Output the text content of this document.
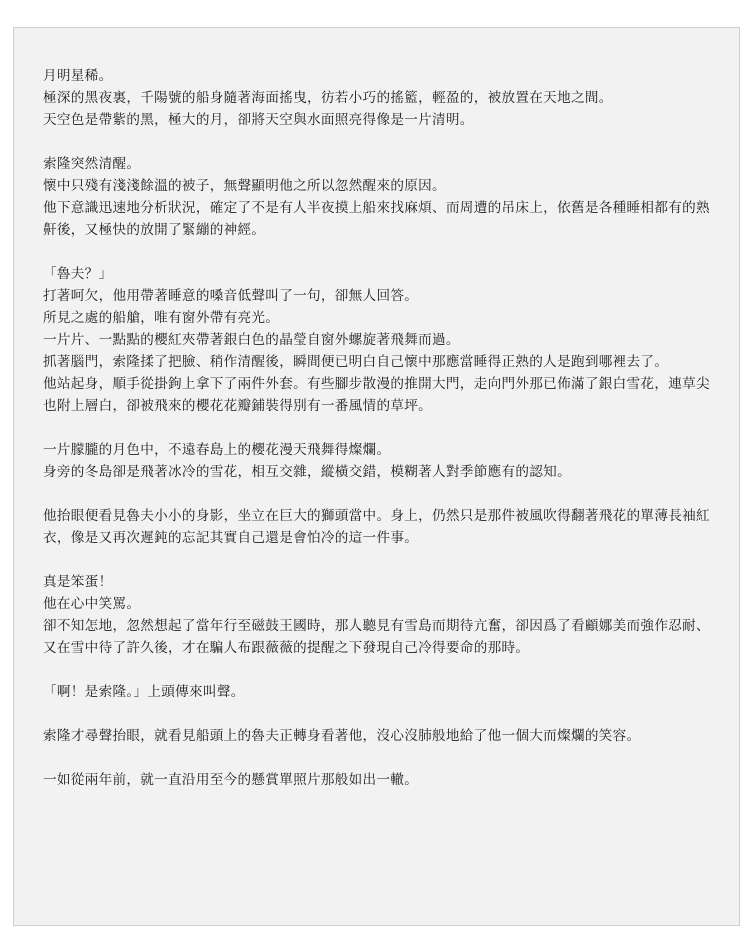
月明星稀。
極深的黑夜裏，千陽號的船身隨著海面搖曳，彷若小巧的搖籃，輕盈的，被放置在天地之間。
天空色是帶紫的黑，極大的月，卻將天空與水面照亮得像是一片清明。
索隆突然清醒。
懷中只殘有淺淺餘溫的被子，無聲顯明他之所以忽然醒來的原因。
他下意識迅速地分析狀況，確定了不是有人半夜摸上船來找麻煩、而周遭的吊床上，依舊是各種睡相都有的熟鼾後，又極快的放開了緊繃的神經。
「魯夫？」
打著呵欠，他用帶著睡意的嗓音低聲叫了一句，卻無人回答。
所見之處的船艙，唯有窗外帶有亮光。
一片片、一點點的櫻紅夾帶著銀白色的晶瑩自窗外螺旋著飛舞而過。
抓著腦門，索隆揉了把臉、稍作清醒後，瞬間便已明白自己懷中那應當睡得正熟的人是跑到哪裡去了。
他站起身，順手從掛鉤上拿下了兩件外套。有些腳步散漫的推開大門，走向門外那已佈滿了銀白雪花，連草尖也附上層白，卻被飛來的櫻花花瓣鋪裝得別有一番風情的草坪。
一片朦朧的月色中，不遠春島上的櫻花漫天飛舞得燦爛。
身旁的冬島卻是飛著冰冷的雪花，相互交雜，縱橫交錯，模糊著人對季節應有的認知。
他抬眼便看見魯夫小小的身影，坐立在巨大的獅頭當中。身上，仍然只是那件被風吹得翻著飛花的單薄長袖紅衣，像是又再次遲鈍的忘記其實自己還是會怕冷的這一件事。
真是笨蛋！
他在心中笑罵。
卻不知怎地，忽然想起了當年行至磁鼓王國時，那人聽見有雪島而期待亢奮，卻因爲了看顧娜美而強作忍耐、又在雪中待了許久後，才在騙人布跟薇薇的提醒之下發現自己冷得要命的那時。
「啊！是索隆。」上頭傳來叫聲。
索隆才尋聲抬眼，就看見船頭上的魯夫正轉身看著他，沒心沒肺般地給了他一個大而燦爛的笑容。
一如從兩年前，就一直沿用至今的懸賞單照片那般如出一轍。
